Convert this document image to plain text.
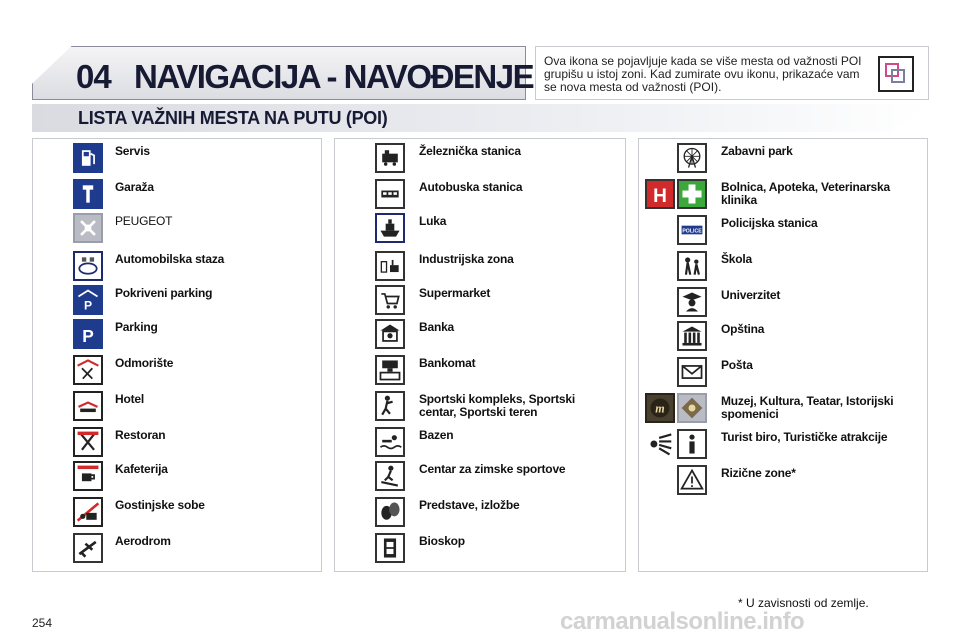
04 NAVIGACIJA - NAVOĐENJE Ova ikona se pojavljuje kada se više mesta od važnosti POI grupišu u istoj zoni. Kad zumirate ovu ikonu, prikazaće vam se nova mesta od važnosti (POI).
LISTA VAŽNIH MESTA NA PUTU (POI)
Servis
Garaža
PEUGEOT
Automobilska staza
P
Pokriveni parking
P Parking
Odmorište
Hotel
Restoran
Kafeterija
Gostinjske sobe
Aerodrom
Železnička stanica
Autobuska stanica
Luka
Industrijska zona
Supermarket
Banka
Bankomat
Sportski kompleks, Sportski centar, Sportski teren
Bazen
Centar za zimske sportove
Predstave, izložbe
Bioskop
Zabavni park
H	Bolnica, Apoteka, Veterinarska klinika
POLICE
Policijska stanica
Škola
Univerzitet
Opština
Pošta
m
Muzej, Kultura, Teatar, Istorijski spomenici
Turist biro, Turističke atrakcije
Rizične zone*
* U zavisnosti od zemlje.
254	carmanualsonline.info
